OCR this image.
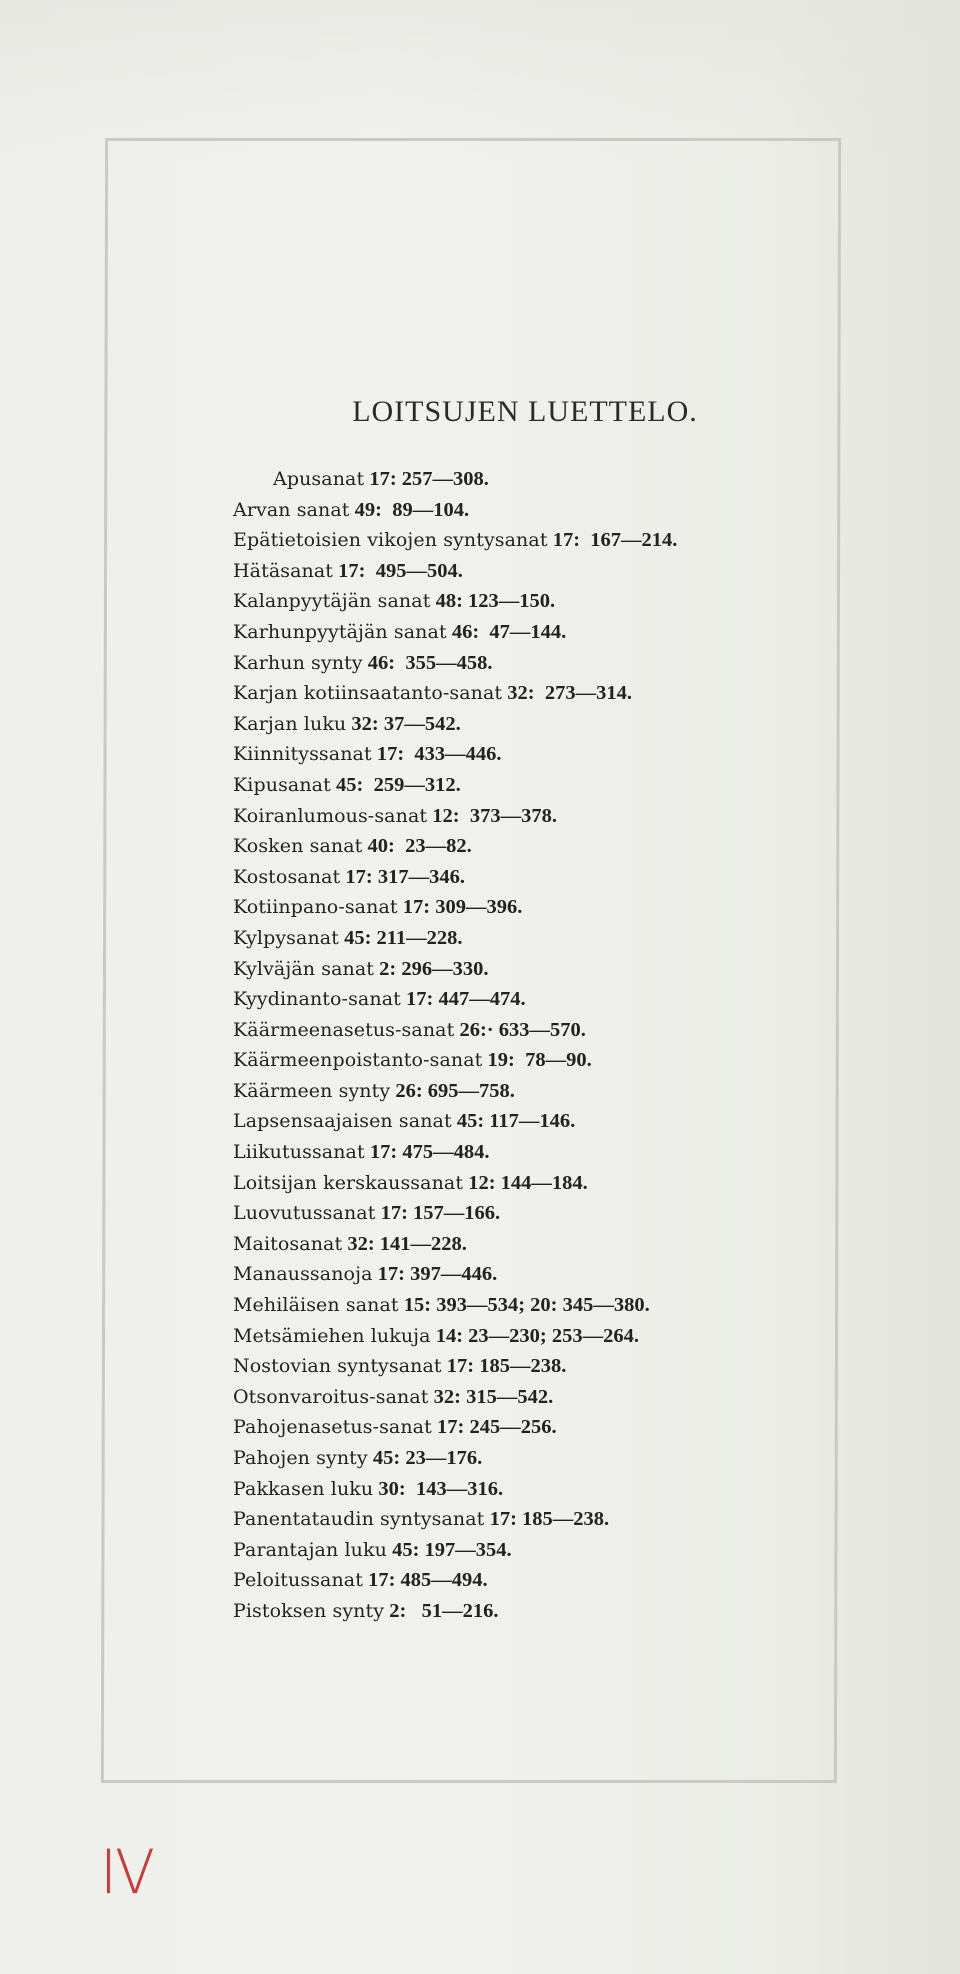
LOITSUJEN LUETTELO.
Apusanat 17: 257—308.
Arvan sanat 49: 89—104.
Epätietoisien vikojen syntysanat 17: 167—214.
Hätäsanat 17: 495—504.
Kalanpyytäjän sanat 48: 123—150.
Karhunpyytäjän sanat 46: 47—144.
Karhun synty 46: 355—458.
Karjan kotiinsaatanto-sanat 32: 273—314.
Karjan luku 32: 37—542.
Kiinnityssanat 17: 433—446.
Kipusanat 45: 259—312.
Koiranlumous-sanat 12: 373—378.
Kosken sanat 40: 23—82.
Kostosanat 17: 317—346.
Kotiinpano-sanat 17: 309—396.
Kylpysanat 45: 211—228.
Kylväjän sanat 2: 296—330.
Kyydinanto-sanat 17: 447—474.
Käärmeenasetus-sanat 26:· 633—570.
Käärmeenpoistanto-sanat 19: 78—90.
Käärmeen synty 26: 695—758.
Lapsensaajaisen sanat 45: 117—146.
Liikutussanat 17: 475—484.
Loitsijan kerskaussanat 12: 144—184.
Luovutussanat 17: 157—166.
Maitosanat 32: 141—228.
Manaussanoja 17: 397—446.
Mehiläisen sanat 15: 393—534; 20: 345—380.
Metsämiehen lukuja 14: 23—230; 253—264.
Nostovian syntysanat 17: 185—238.
Otsonvaroitus-sanat 32: 315—542.
Pahojenasetus-sanat 17: 245—256.
Pahojen synty 45: 23—176.
Pakkasen luku 30: 143—316.
Panentataudin syntysanat 17: 185—238.
Parantajan luku 45: 197—354.
Peloitussanat 17: 485—494.
Pistoksen synty 2: 51—216.
IV
